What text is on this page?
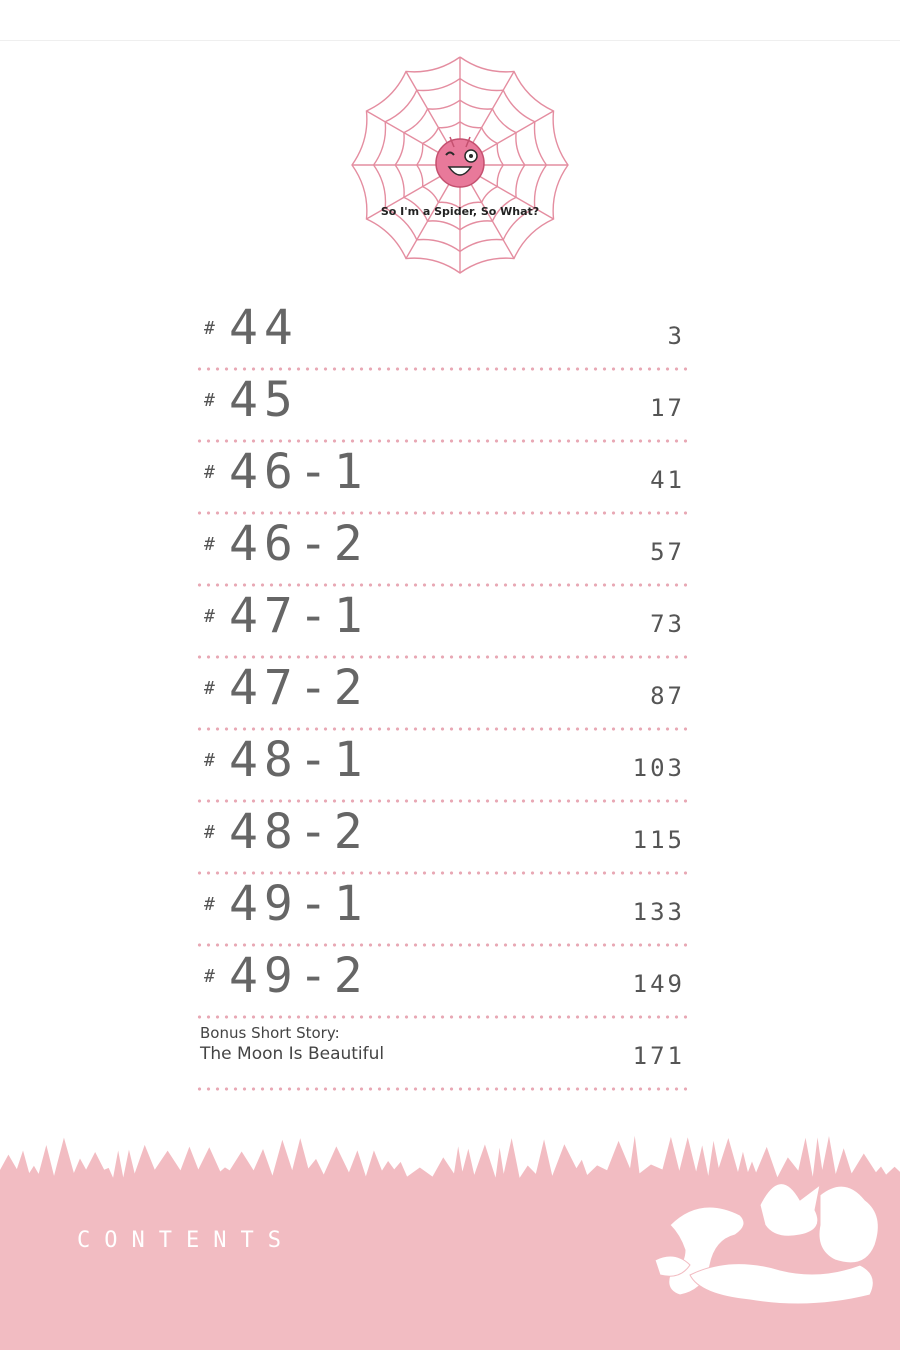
So I'm a Spider, So What?
# 44	3
# 45	17
# 46-1	41
# 46-2	57
# 47-1	73
# 47-2	87
# 48-1	103
# 48-2	115
# 49-1	133
# 49-2	149
Bonus Short Story:
The Moon Is Beautiful	171
CONTENTS
